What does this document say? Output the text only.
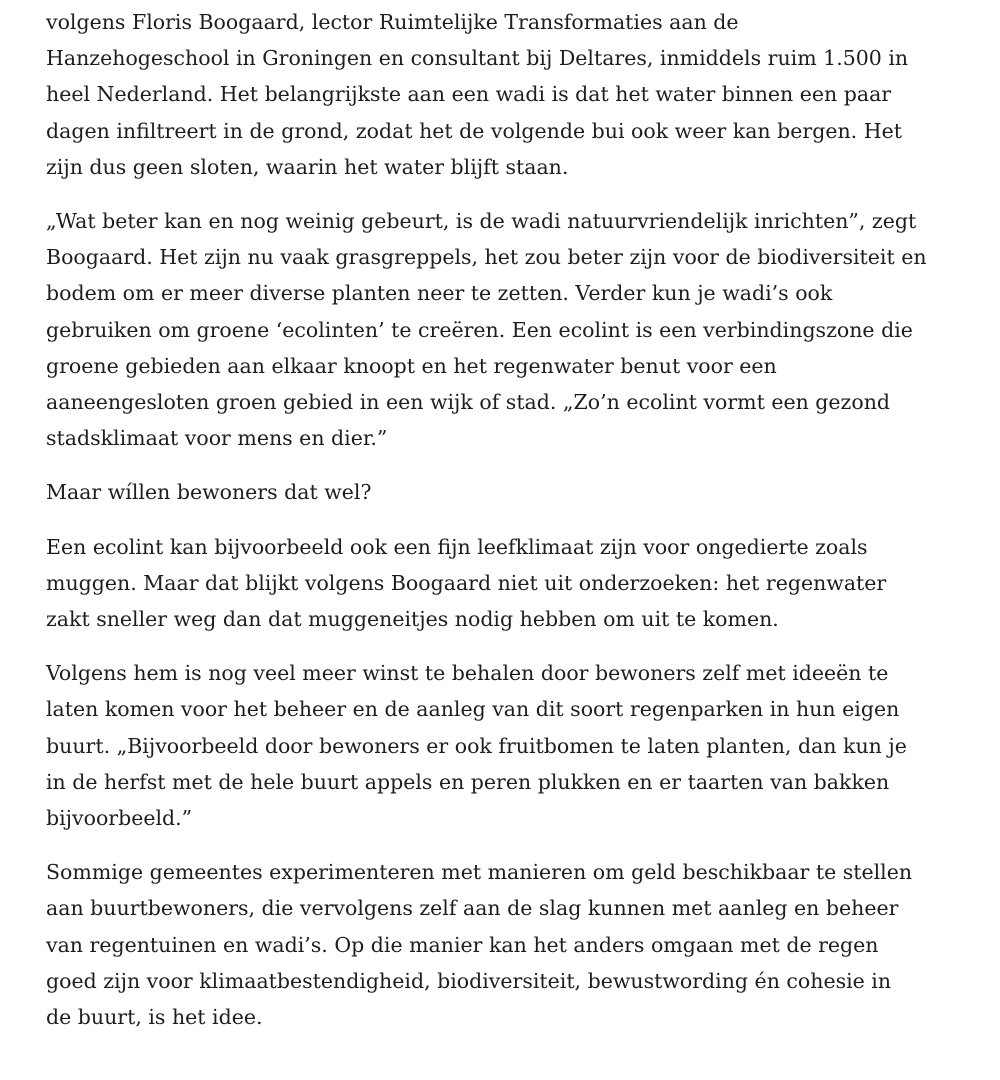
volgens Floris Boogaard, lector Ruimtelijke Transformaties aan de
Hanzehogeschool in Groningen en consultant bij Deltares, inmiddels ruim 1.500 in
heel Nederland. Het belangrijkste aan een wadi is dat het water binnen een paar
dagen infiltreert in de grond, zodat het de volgende bui ook weer kan bergen. Het
zijn dus geen sloten, waarin het water blijft staan.

„Wat beter kan en nog weinig gebeurt, is de wadi natuurvriendelijk inrichten”, zegt
Boogaard. Het zijn nu vaak grasgreppels, het zou beter zijn voor de biodiversiteit en
bodem om er meer diverse planten neer te zetten. Verder kun je wadi’s ook
gebruiken om groene ‘ecolinten’ te creëren. Een ecolint is een verbindingszone die
groene gebieden aan elkaar knoopt en het regenwater benut voor een
aaneengesloten groen gebied in een wijk of stad. „Zo’n ecolint vormt een gezond
stadsklimaat voor mens en dier.”

Maar wíllen bewoners dat wel?

Een ecolint kan bijvoorbeeld ook een fijn leefklimaat zijn voor ongedierte zoals
muggen. Maar dat blijkt volgens Boogaard niet uit onderzoeken: het regenwater
zakt sneller weg dan dat muggeneitjes nodig hebben om uit te komen.

Volgens hem is nog veel meer winst te behalen door bewoners zelf met ideeën te
laten komen voor het beheer en de aanleg van dit soort regenparken in hun eigen
buurt. „Bijvoorbeeld door bewoners er ook fruitbomen te laten planten, dan kun je
in de herfst met de hele buurt appels en peren plukken en er taarten van bakken
bijvoorbeeld.”

Sommige gemeentes experimenteren met manieren om geld beschikbaar te stellen
aan buurtbewoners, die vervolgens zelf aan de slag kunnen met aanleg en beheer
van regentuinen en wadi’s. Op die manier kan het anders omgaan met de regen
goed zijn voor klimaatbestendigheid, biodiversiteit, bewustwording én cohesie in
de buurt, is het idee.
